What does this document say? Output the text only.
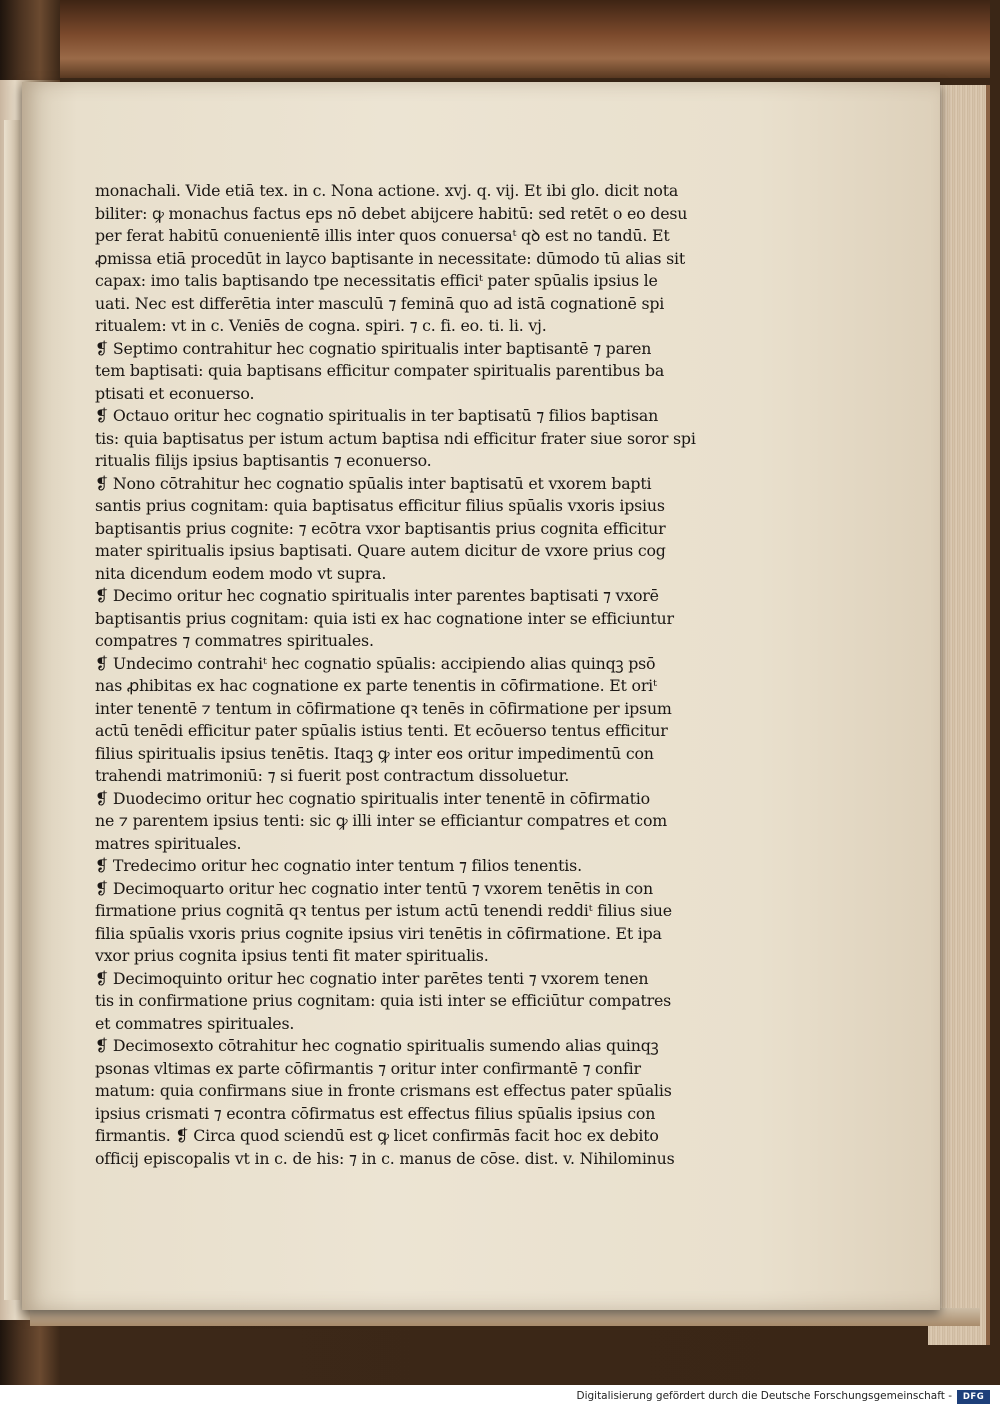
monachali. Vide etiā tex. in c. Nona actione. xvj. q. vij. Et ibi glo. dicit nota
biliter: ꝙ monachus factus eps nō debet abijcere habitū: sed retēt o eo desu
per ferat habitū conuenientē illis inter quos conuersaᵗ qꝺ est no tandū. Et
ꝓmissa etiā procedūt in layco baptisante in necessitate: dūmodo tū alias sit
capax: imo talis baptisando tpe necessitatis efficiᵗ pater spūalis ipsius le
uati. Nec est differētia inter masculū ⁊ feminā quo ad istā cognationē spi
ritualem: vt in c. Veniēs de cogna. spiri. ⁊ c. fi. eo. ti. li. vj.
❡ Septimo contrahitur hec cognatio spiritualis inter baptisantē ⁊ paren
tem baptisati: quia baptisans efficitur compater spiritualis parentibus ba
ptisati et econuerso.
❡ Octauo oritur hec cognatio spiritualis in ter baptisatū ⁊ filios baptisan
tis: quia baptisatus per istum actum baptisa ndi efficitur frater siue soror spi
ritualis filijs ipsius baptisantis ⁊ econuerso.
❡ Nono cōtrahitur hec cognatio spūalis inter baptisatū et vxorem bapti
santis prius cognitam: quia baptisatus efficitur filius spūalis vxoris ipsius
baptisantis prius cognite: ⁊ ecōtra vxor baptisantis prius cognita efficitur
mater spiritualis ipsius baptisati. Quare autem dicitur de vxore prius cog
nita dicendum eodem modo vt supra.
❡ Decimo oritur hec cognatio spiritualis inter parentes baptisati ⁊ vxorē
baptisantis prius cognitam: quia isti ex hac cognatione inter se efficiuntur
compatres ⁊ commatres spirituales.
❡ Undecimo contrahiᵗ hec cognatio spūalis: accipiendo alias quinqꝫ psō
nas ꝓhibitas ex hac cognatione ex parte tenentis in cōfirmatione. Et oriᵗ
inter tenentē ⁊ tentum in cōfirmatione qꝛ tenēs in cōfirmatione per ipsum
actū tenēdi efficitur pater spūalis istius tenti. Et ecōuerso tentus efficitur
filius spiritualis ipsius tenētis. Itaqꝫ ꝙ inter eos oritur impedimentū con
trahendi matrimoniū: ⁊ si fuerit post contractum dissoluetur.
❡ Duodecimo oritur hec cognatio spiritualis inter tenentē in cōfirmatio
ne ⁊ parentem ipsius tenti: sic ꝙ illi inter se efficiantur compatres et com
matres spirituales.
❡ Tredecimo oritur hec cognatio inter tentum ⁊ filios tenentis.
❡ Decimoquarto oritur hec cognatio inter tentū ⁊ vxorem tenētis in con
firmatione prius cognitā qꝛ tentus per istum actū tenendi reddiᵗ filius siue
filia spūalis vxoris prius cognite ipsius viri tenētis in cōfirmatione. Et ipa
vxor prius cognita ipsius tenti fit mater spiritualis.
❡ Decimoquinto oritur hec cognatio inter parētes tenti ⁊ vxorem tenen
tis in confirmatione prius cognitam: quia isti inter se efficiūtur compatres
et commatres spirituales.
❡ Decimosexto cōtrahitur hec cognatio spiritualis sumendo alias quinqꝫ
psonas vltimas ex parte cōfirmantis ⁊ oritur inter confirmantē ⁊ confir
matum: quia confirmans siue in fronte crismans est effectus pater spūalis
ipsius crismati ⁊ econtra cōfirmatus est effectus filius spūalis ipsius con
firmantis. ❡ Circa quod sciendū est ꝙ licet confirmās facit hoc ex debito
officij episcopalis vt in c. de his: ⁊ in c. manus de cōse. dist. v. Nihilominus
Digitalisierung gefördert durch die Deutsche Forschungsgemeinschaft -	DFG
